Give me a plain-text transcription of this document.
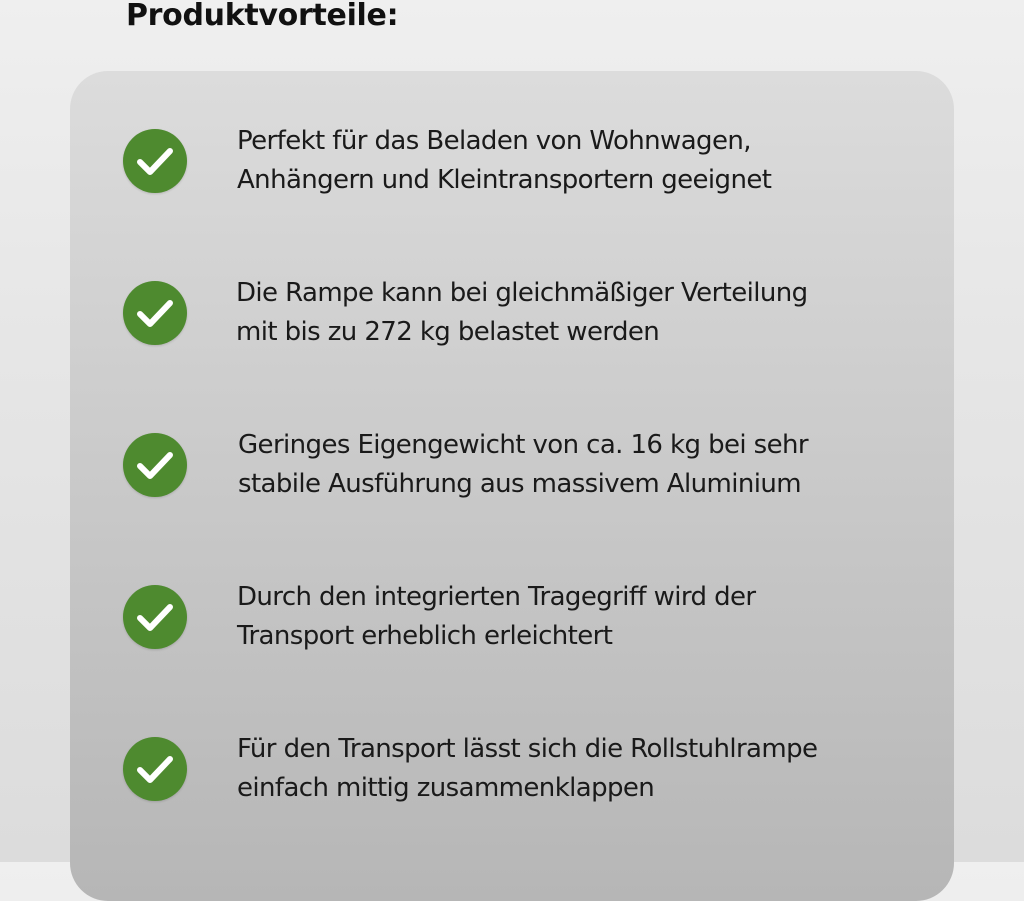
Produktvorteile:

Perfekt für das Beladen von Wohnwagen,
Anhängern und Kleintransportern geeignet

Die Rampe kann bei gleichmäßiger Verteilung
mit bis zu 272 kg belastet werden

Geringes Eigengewicht von ca. 16 kg bei sehr
stabile Ausführung aus massivem Aluminium

Durch den integrierten Tragegriff wird der
Transport erheblich erleichtert

Für den Transport lässt sich die Rollstuhlrampe
einfach mittig zusammenklappen
